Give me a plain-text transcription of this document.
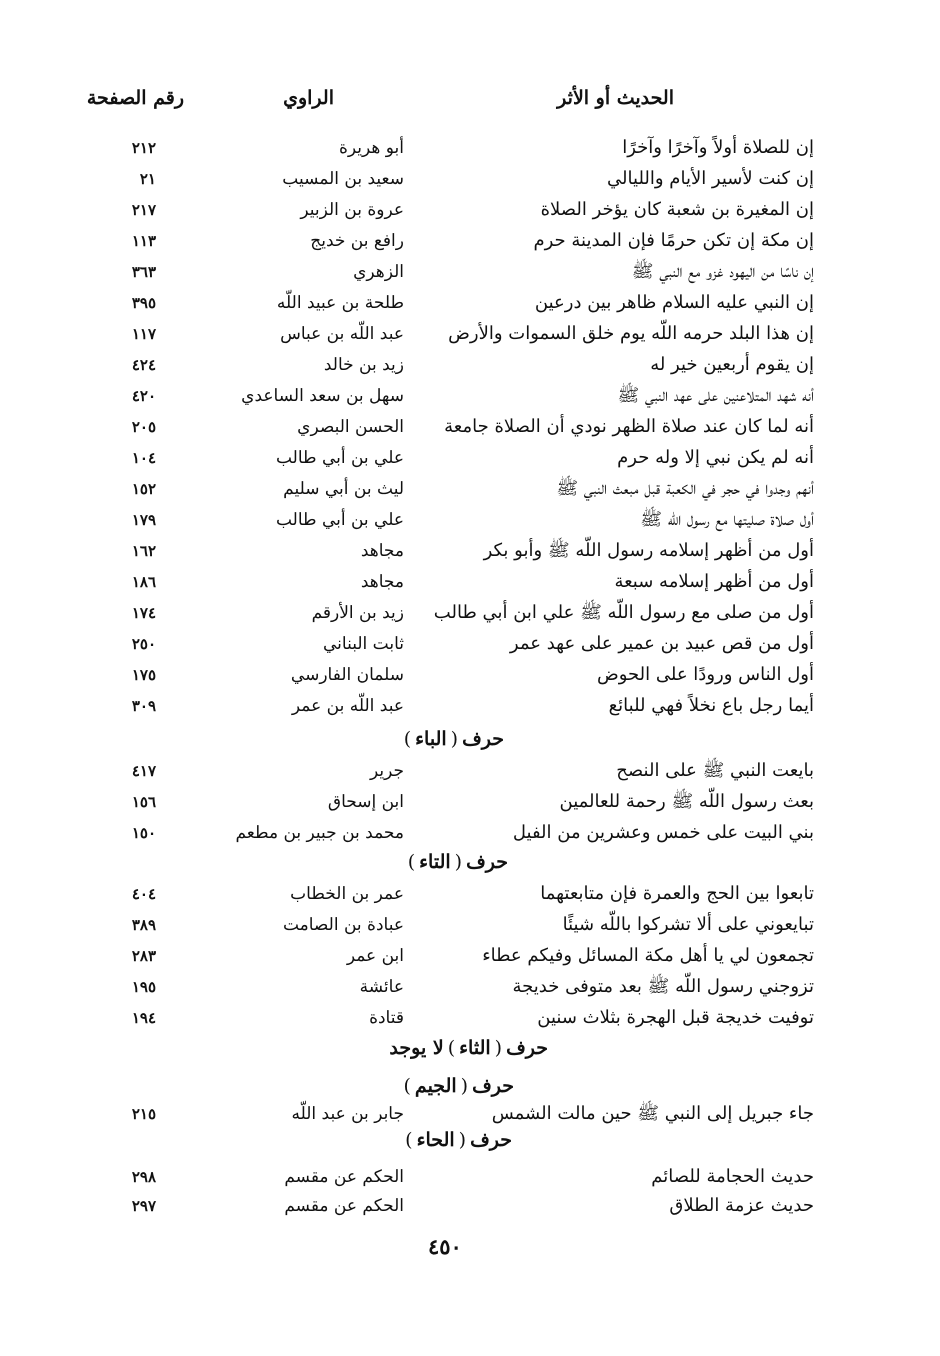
الحديث أو الأثر
الراوي
رقم الصفحة
إن للصلاة أولاً وآخرًا وآخرًا
أبو هريرة
٢١٢
إن كنت لأسير الأيام والليالي
سعيد بن المسيب
٢١
إن المغيرة بن شعبة كان يؤخر الصلاة
عروة بن الزبير
٢١٧
إن مكة إن تكن حرمًا فإن المدينة حرم
رافع بن خديج
١١٣
إن ناسًا من اليهود غزو مع النبي ﷺ
الزهري
٣٦٣
إن النبي عليه السلام ظاهر بين درعين
طلحة بن عبيد اللّه
٣٩٥
إن هذا البلد حرمه اللّه يوم خلق السموات والأرض
عبد اللّه بن عباس
١١٧
إن يقوم أربعين خير له
زيد بن خالد
٤٢٤
أنه شهد المتلاعنين على عهد النبي ﷺ
سهل بن سعد الساعدي
٤٢٠
أنه لما كان عند صلاة الظهر نودي أن الصلاة جامعة
الحسن البصري
٢٠٥
أنه لم يكن نبي إلا وله حرم
علي بن أبي طالب
١٠٤
أنهم وجدوا في حجر في الكعبة قبل مبعث النبي ﷺ
ليث بن أبي سليم
١٥٢
أول صلاة صليتها مع رسول اللّه ﷺ
علي بن أبي طالب
١٧٩
أول من أظهر إسلامه رسول اللّه ﷺ وأبو بكر
مجاهد
١٦٢
أول من أظهر إسلامه سبعة
مجاهد
١٨٦
أول من صلى مع رسول اللّه ﷺ علي ابن أبي طالب
زيد بن الأرقم
١٧٤
أول من قص عبيد بن عمير على عهد عمر
ثابت البناني
٢٥٠
أول الناس ورودًا على الحوض
سلمان الفارسي
١٧٥
أيما رجل باع نخلاً فهي للبائع
عبد اللّه بن عمر
٣٠٩
حرف(الباء)
بايعت النبي ﷺ على النصح
جرير
٤١٧
بعث رسول اللّه ﷺ رحمة للعالمين
ابن إسحاق
١٥٦
بني البيت على خمس وعشرين من الفيل
محمد بن جبير بن مطعم
١٥٠
حرف(التاء)
تابعوا بين الحج والعمرة فإن متابعتهما
عمر بن الخطاب
٤٠٤
تبايعوني على ألا تشركوا باللّه شيئًا
عبادة بن الصامت
٣٨٩
تجمعون لي يا أهل مكة المسائل وفيكم عطاء
ابن عمر
٢٨٣
تزوجني رسول اللّه ﷺ بعد متوفى خديجة
عائشة
١٩٥
توفيت خديجة قبل الهجرة بثلاث سنين
قتادة
١٩٤
حرف(الثاء)لا يوجد
حرف(الجيم)
جاء جبريل إلى النبي ﷺ حين مالت الشمس
جابر بن عبد اللّه
٢١٥
حرف(الحاء)
حديث الحجامة للصائم
الحكم عن مقسم
٢٩٨
حديث عزمة الطلاق
الحكم عن مقسم
٢٩٧
٤٥٠
